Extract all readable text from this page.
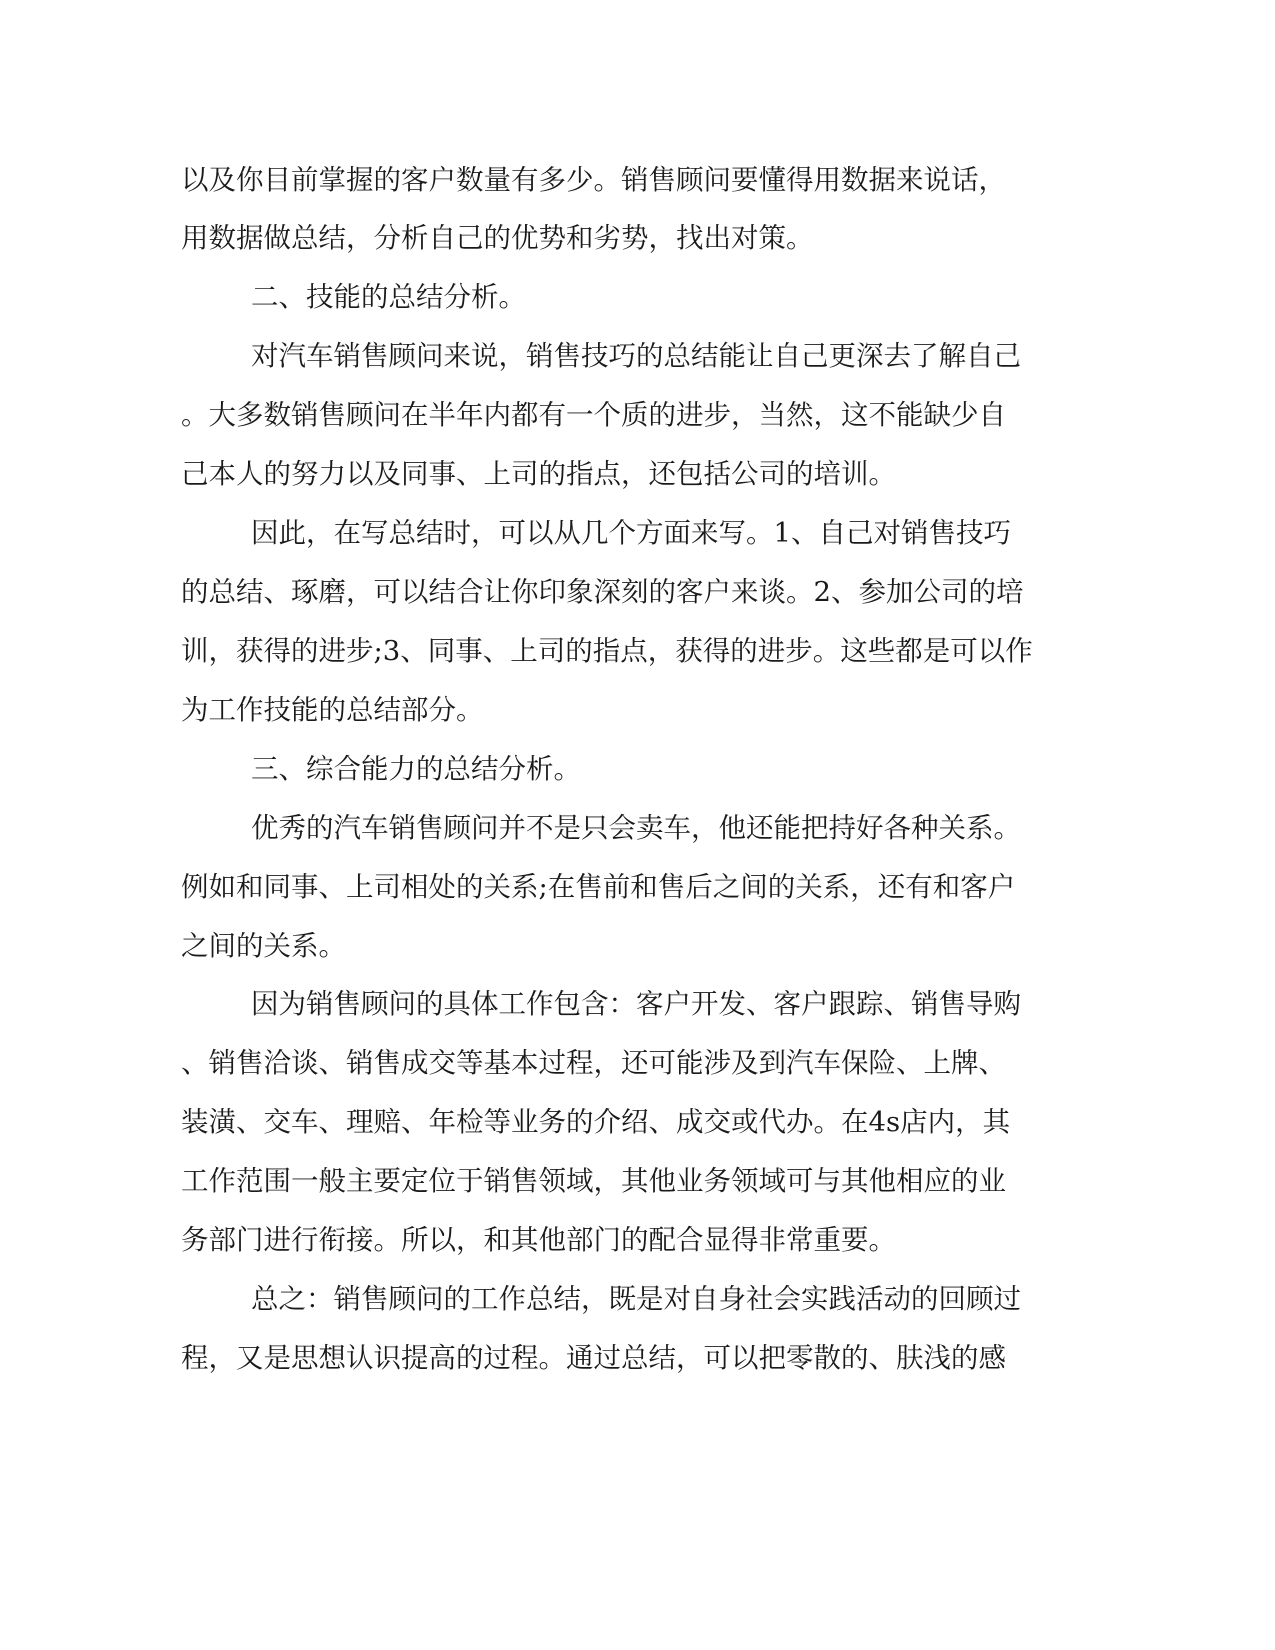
以及你目前掌握的客户数量有多少。销售顾问要懂得用数据来说话，

用数据做总结，分析自己的优势和劣势，找出对策。

二、技能的总结分析。

对汽车销售顾问来说，销售技巧的总结能让自己更深去了解自己

。大多数销售顾问在半年内都有一个质的进步，当然，这不能缺少自

己本人的努力以及同事、上司的指点，还包括公司的培训。

因此，在写总结时，可以从几个方面来写。1、自己对销售技巧

的总结、琢磨，可以结合让你印象深刻的客户来谈。2、参加公司的培

训，获得的进步;3、同事、上司的指点，获得的进步。这些都是可以作

为工作技能的总结部分。

三、综合能力的总结分析。

优秀的汽车销售顾问并不是只会卖车，他还能把持好各种关系。

例如和同事、上司相处的关系;在售前和售后之间的关系，还有和客户

之间的关系。

因为销售顾问的具体工作包含：客户开发、客户跟踪、销售导购

、销售洽谈、销售成交等基本过程，还可能涉及到汽车保险、上牌、

装潢、交车、理赔、年检等业务的介绍、成交或代办。在4s店内，其

工作范围一般主要定位于销售领域，其他业务领域可与其他相应的业

务部门进行衔接。所以，和其他部门的配合显得非常重要。

总之：销售顾问的工作总结，既是对自身社会实践活动的回顾过

程，又是思想认识提高的过程。通过总结，可以把零散的、肤浅的感
